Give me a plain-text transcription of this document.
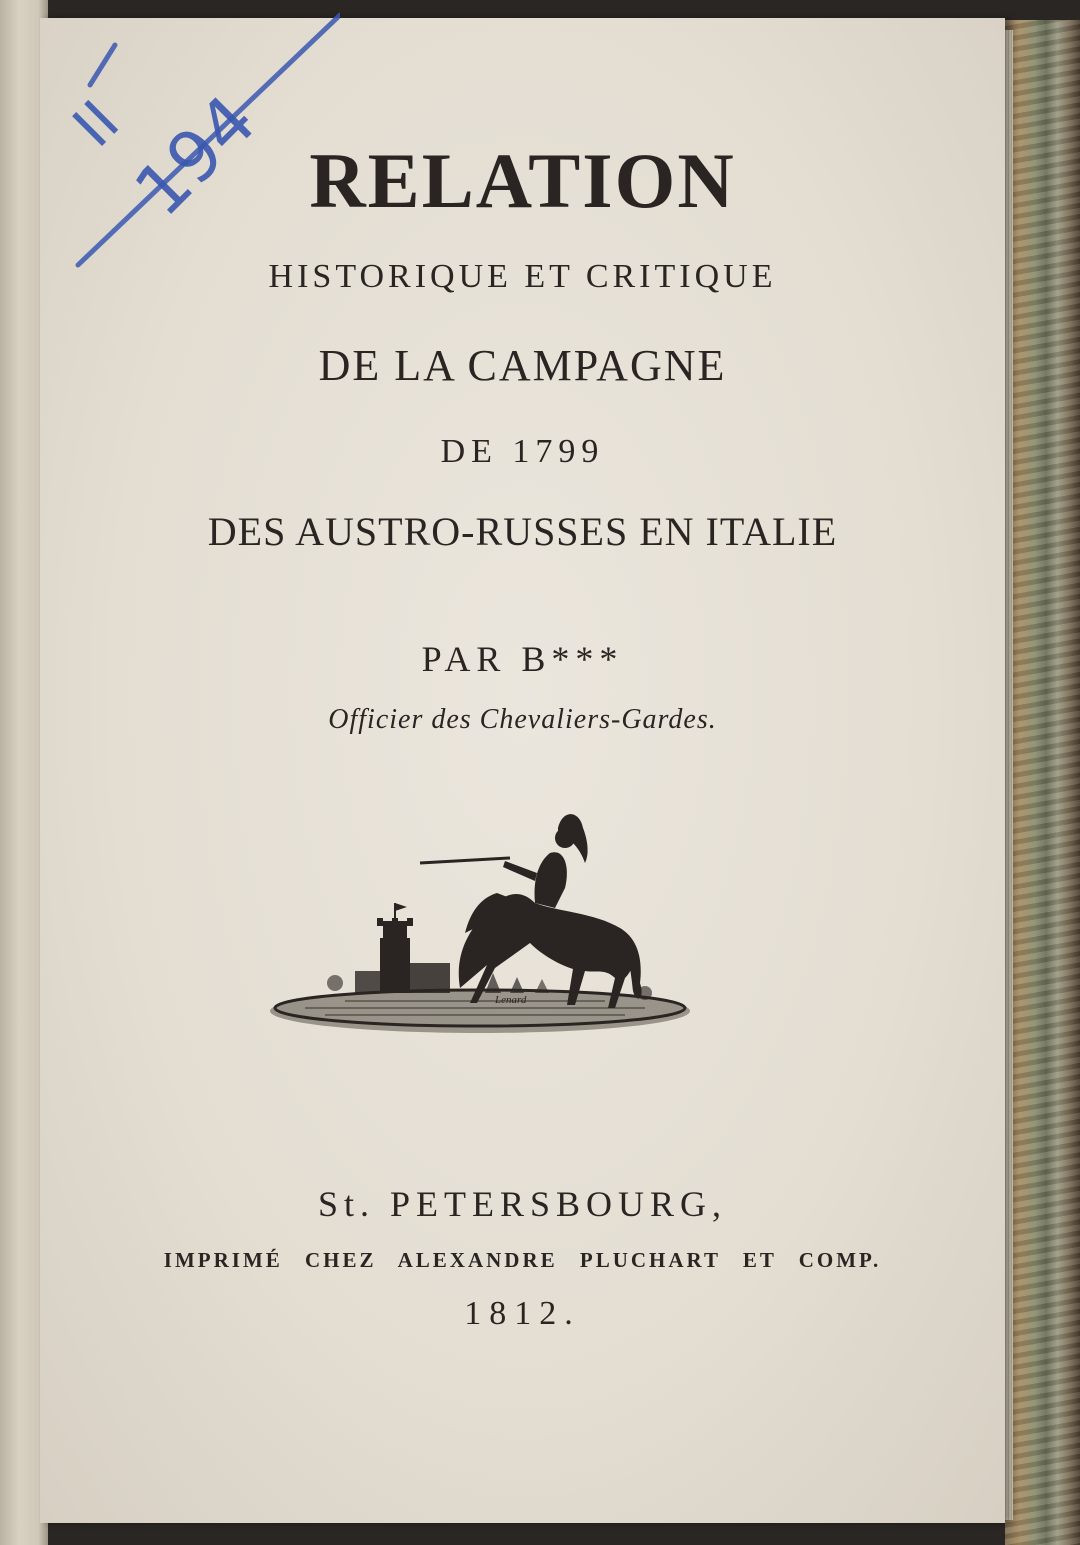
RELATION
HISTORIQUE ET CRITIQUE
DE LA CAMPAGNE
DE 1799
DES AUSTRO-RUSSES EN ITALIE
PAR B***
Officier des Chevaliers-Gardes.
Lenard
St. PETERSBOURG,
IMPRIMÉ CHEZ ALEXANDRE PLUCHART ET COMP.
1812.
II
194
